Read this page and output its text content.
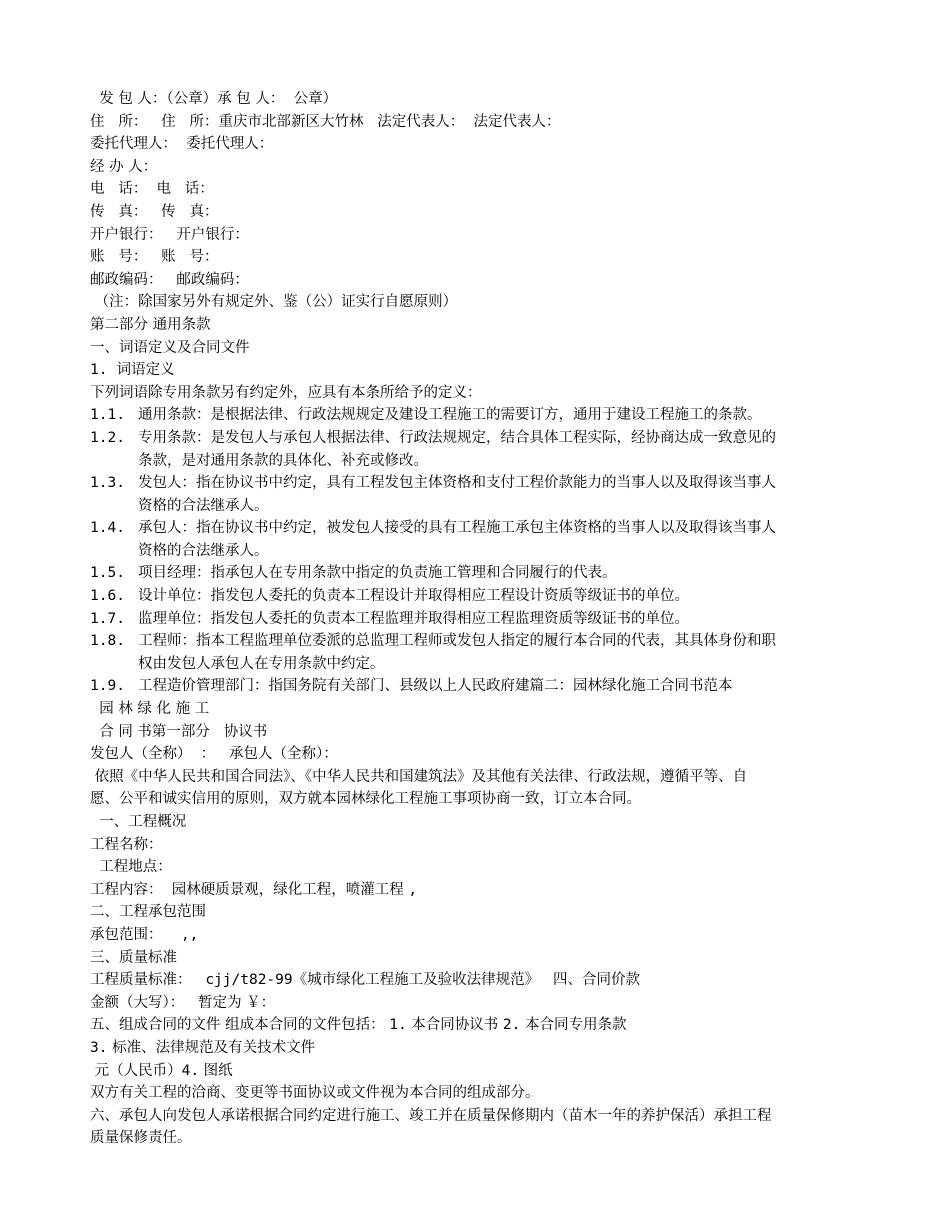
发 包 人：（公章）承 包 人：  公章）
住   所：   住   所：重庆市北部新区大竹林   法定代表人：  法定代表人：
委托代理人：  委托代理人：
经 办 人：
电   话：  电   话：
传   真：   传   真：
开户银行：   开户银行：
账   号：   账   号：
邮政编码：   邮政编码：
（注：除国家另外有规定外、鉴（公）证实行自愿原则）
第二部分 通用条款
一、词语定义及合同文件
1.  词语定义
下列词语除专用条款另有约定外，应具有本条所给予的定义：
1.1. 通用条款：是根据法律、行政法规规定及建设工程施工的需要订方，通用于建设工程施工的条款。
1.2. 专用条款：是发包人与承包人根据法律、行政法规规定，结合具体工程实际，经协商达成一致意见的
条款，是对通用条款的具体化、补充或修改。
1.3. 发包人：指在协议书中约定，具有工程发包主体资格和支付工程价款能力的当事人以及取得该当事人
资格的合法继承人。
1.4. 承包人：指在协议书中约定，被发包人接受的具有工程施工承包主体资格的当事人以及取得该当事人
资格的合法继承人。
1.5. 项目经理：指承包人在专用条款中指定的负责施工管理和合同履行的代表。
1.6. 设计单位：指发包人委托的负责本工程设计并取得相应工程设计资质等级证书的单位。
1.7. 监理单位：指发包人委托的负责本工程监理并取得相应工程监理资质等级证书的单位。
1.8. 工程师：指本工程监理单位委派的总监理工程师或发包人指定的履行本合同的代表，其具体身份和职
权由发包人承包人在专用条款中约定。
1.9. 工程造价管理部门：指国务院有关部门、县级以上人民政府建篇二：园林绿化施工合同书范本
园 林 绿 化 施 工
合 同 书第一部分   协议书
发包人（全称）  ：   承包人（全称）：
依照《中华人民共和国合同法》、《中华人民共和国建筑法》及其他有关法律、行政法规，遵循平等、自
愿、公平和诚实信用的原则，双方就本园林绿化工程施工事项协商一致，订立本合同。
一、工程概况
工程名称：
工程地点：
工程内容：  园林硬质景观，绿化工程，喷灌工程 ,
二、工程承包范围
承包范围：    ,,
三、质量标准
工程质量标准：   cjj/t82-99《城市绿化工程施工及验收法律规范》   四、合同价款
金额（大写）：   暂定为 ￥：
五、组成合同的文件 组成本合同的文件包括： 1. 本合同协议书 2. 本合同专用条款
3. 标准、法律规范及有关技术文件
元（人民币）4. 图纸
双方有关工程的洽商、变更等书面协议或文件视为本合同的组成部分。
六、承包人向发包人承诺根据合同约定进行施工、竣工并在质量保修期内（苗木一年的养护保活）承担工程
质量保修责任。
